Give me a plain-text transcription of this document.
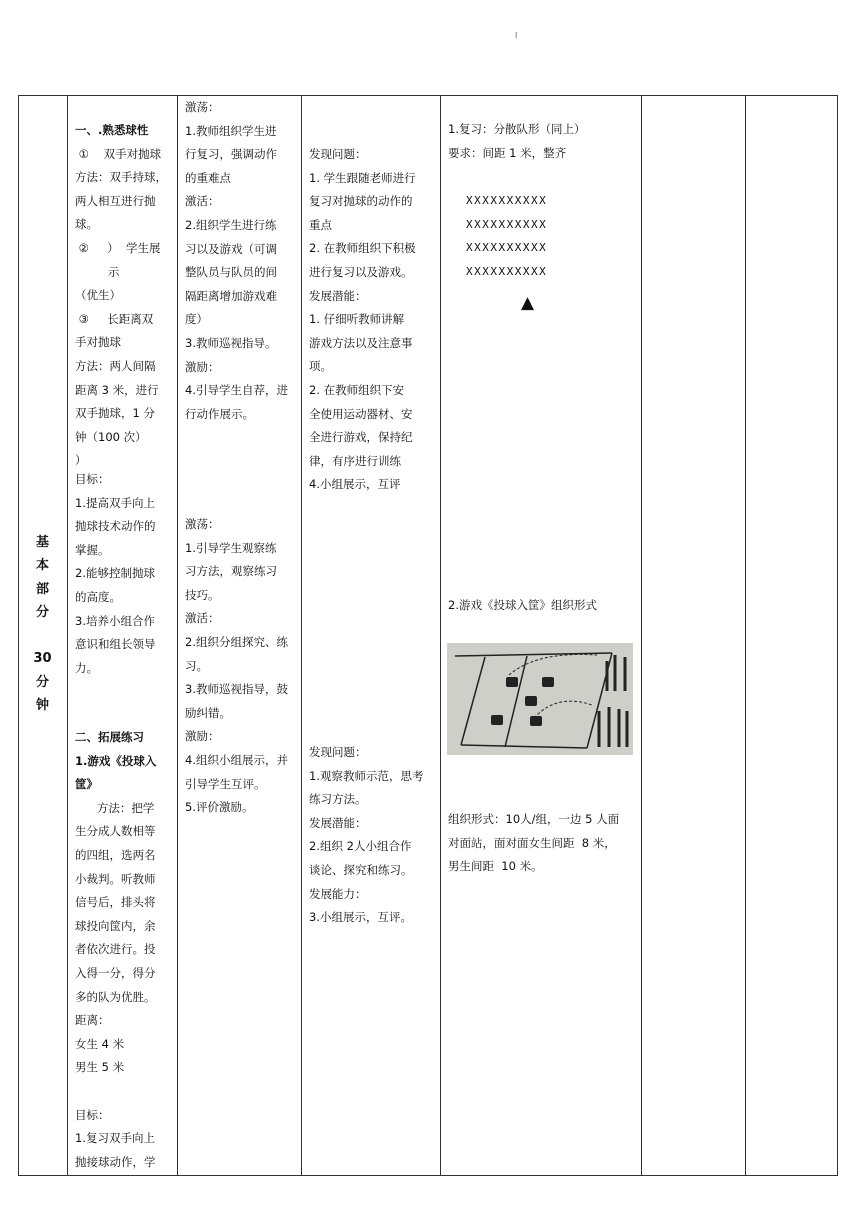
I
基
本
部
分
30
分
钟
一、.熟悉球性
①    双手对抛球
方法：双手持球，
两人相互进行抛
球。
②     ）  学生展
示
（优生）
③     长距离双
手对抛球
方法：两人间隔
距离 3 米，进行
双手抛球，1 分
钟（100 次）
）
目标：
1.提高双手向上
抛球技术动作的
掌握。
2.能够控制抛球
的高度。
3.培养小组合作
意识和组长领导
力。
二、拓展练习
1.游戏《投球入
筐》
方法：把学
生分成人数相等
的四组，选两名
小裁判。听教师
信号后，排头将
球投向筐内，余
者依次进行。投
入得一分，得分
多的队为优胜。
距离：
女生 4 米
男生 5 米
目标：
1.复习双手向上
抛接球动作，学
激荡：
1.教师组织学生进
行复习，强调动作
的重难点
激活：
2.组织学生进行练
习以及游戏（可调
整队员与队员的间
隔距离增加游戏难
度）
3.教师巡视指导。
激励：
4.引导学生自荐，进
行动作展示。
激荡：
1.引导学生观察练
习方法，观察练习
技巧。
激活：
2.组织分组探究、练
习。
3.教师巡视指导，鼓
励纠错。
激励：
4.组织小组展示，并
引导学生互评。
5.评价激励。
发现问题：
1. 学生跟随老师进行
复习对抛球的动作的
重点
2. 在教师组织下积极
进行复习以及游戏。
发展潜能：
1. 仔细听教师讲解
游戏方法以及注意事
项。
2. 在教师组织下安
全使用运动器材、安
全进行游戏，保持纪
律，有序进行训练
4.小组展示，互评
发现问题：
1.观察教师示范，思考
练习方法。
发展潜能：
2.组织 2人小组合作
谈论、探究和练习。
发展能力：
3.小组展示，互评。
1.复习：分散队形（同上）
要求：间距 1 米，整齐
XXXXXXXXXX
XXXXXXXXXX
XXXXXXXXXX
XXXXXXXXXX
▲
2.游戏《投球入筐》组织形式
组织形式：10人/组，一边 5 人面
对面站，面对面女生间距  8 米，
男生间距  10 米。
